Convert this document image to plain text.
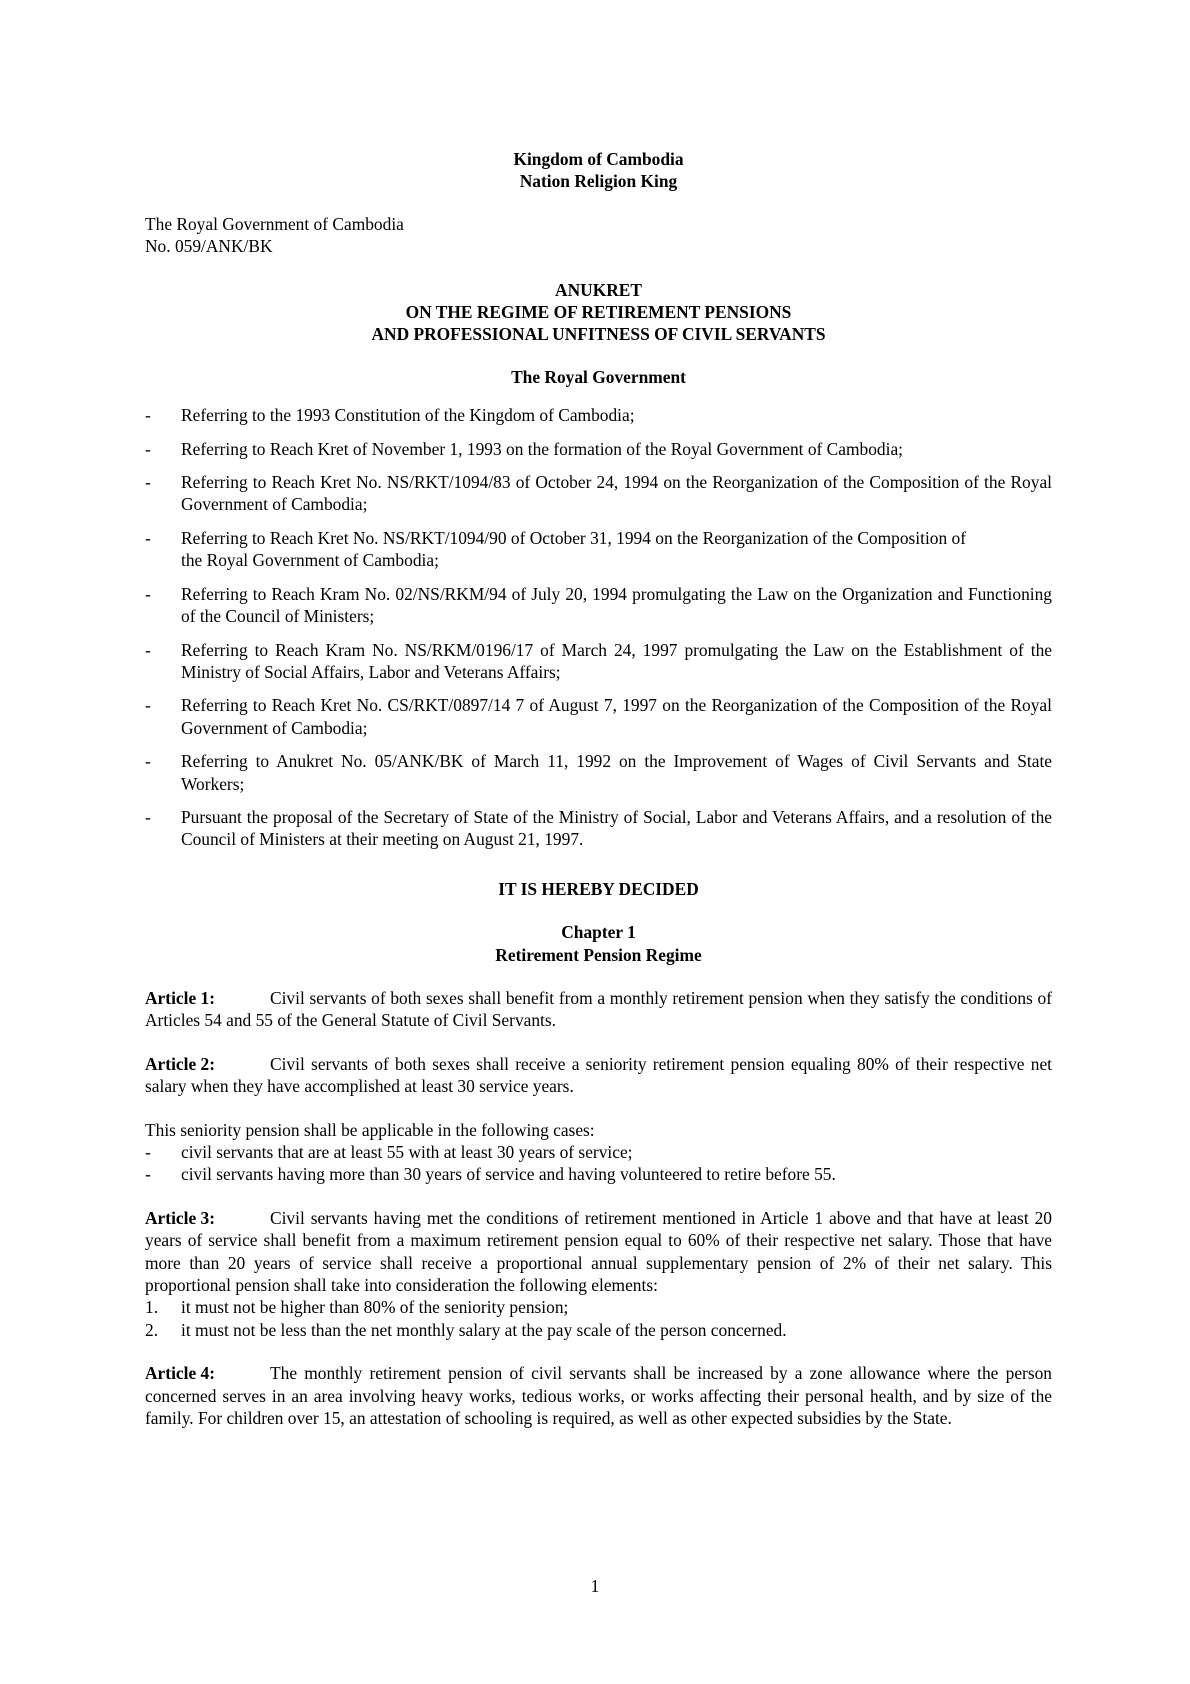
Kingdom of Cambodia
Nation Religion King
The Royal Government of Cambodia
No. 059/ANK/BK
ANUKRET
ON THE REGIME OF RETIREMENT PENSIONS
AND PROFESSIONAL UNFITNESS OF CIVIL SERVANTS
The Royal Government
- Referring to the 1993 Constitution of the Kingdom of Cambodia;
- Referring to Reach Kret of November 1, 1993 on the formation of the Royal Government of Cambodia;
- Referring to Reach Kret No. NS/RKT/1094/83 of October 24, 1994 on the Reorganization of the Composition of the Royal Government of Cambodia;
- Referring to Reach Kret No. NS/RKT/1094/90 of October 31, 1994 on the Reorganization of the Composition of the Royal Government of Cambodia;
- Referring to Reach Kram No. 02/NS/RKM/94 of July 20, 1994 promulgating the Law on the Organization and Functioning of the Council of Ministers;
- Referring to Reach Kram No. NS/RKM/0196/17 of March 24, 1997 promulgating the Law on the Establishment of the Ministry of Social Affairs, Labor and Veterans Affairs;
- Referring to Reach Kret No. CS/RKT/0897/14 7 of August 7, 1997 on the Reorganization of the Composition of the Royal Government of Cambodia;
- Referring to Anukret No. 05/ANK/BK of March 11, 1992 on the Improvement of Wages of Civil Servants and State Workers;
- Pursuant the proposal of the Secretary of State of the Ministry of Social, Labor and Veterans Affairs, and a resolution of the Council of Ministers at their meeting on August 21, 1997.
IT IS HEREBY DECIDED
Chapter 1
Retirement Pension Regime

Article 1:	Civil servants of both sexes shall benefit from a monthly retirement pension when they satisfy the conditions of Articles 54 and 55 of the General Statute of Civil Servants.

Article 2:	Civil servants of both sexes shall receive a seniority retirement pension equaling 80% of their respective net salary when they have accomplished at least 30 service years.

This seniority pension shall be applicable in the following cases:

- civil servants that are at least 55 with at least 30 years of service;
- civil servants having more than 30 years of service and having volunteered to retire before 55.

Article 3:	Civil servants having met the conditions of retirement mentioned in Article 1 above and that have at least 20 years of service shall benefit from a maximum retirement pension equal to 60% of their respective net salary. Those that have more than 20 years of service shall receive a proportional annual supplementary pension of 2% of their net salary. This proportional pension shall take into consideration the following elements:

1. it must not be higher than 80% of the seniority pension;
2. it must not be less than the net monthly salary at the pay scale of the person concerned.

Article 4:	The monthly retirement pension of civil servants shall be increased by a zone allowance where the person concerned serves in an area involving heavy works, tedious works, or works affecting their personal health, and by size of the family. For children over 15, an attestation of schooling is required, as well as other expected subsidies by the State.

1
